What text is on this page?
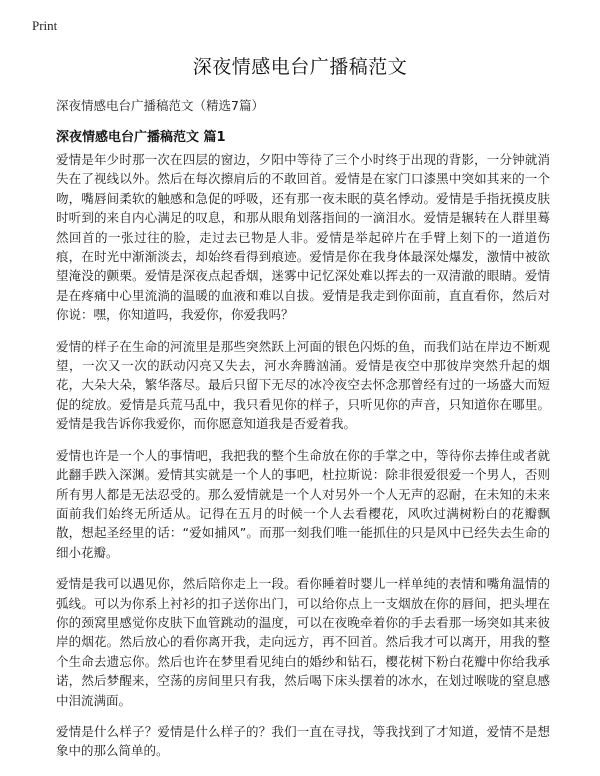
Print
深夜情感电台广播稿范文
深夜情感电台广播稿范文（精选7篇）
深夜情感电台广播稿范文 篇1

爱情是年少时那一次在四层的窗边，夕阳中等待了三个小时终于出现的背影，一分钟就消失在了视线以外。然后在每次擦肩后的不敢回首。爱情是在家门口漆黑中突如其来的一个吻，嘴唇间柔软的触感和急促的呼吸，还有那一夜未眠的莫名悸动。爱情是手指抚摸皮肤时听到的来自内心满足的叹息，和那从眼角划落指间的一滴泪水。爱情是辗转在人群里蓦然回首的一张过往的脸，走过去已物是人非。爱情是举起碎片在手臂上刻下的一道道伤痕，在时光中渐渐淡去，却始终看得到痕迹。爱情是你在我身体最深处爆发，激情中被欲望淹没的颤栗。爱情是深夜点起香烟，迷雾中记忆深处难以挥去的一双清澈的眼睛。爱情是在疼痛中心里流淌的温暖的血液和难以自拔。爱情是我走到你面前，直直看你，然后对你说：嘿，你知道吗，我爱你，你爱我吗？

爱情的样子在生命的河流里是那些突然跃上河面的银色闪烁的鱼，而我们站在岸边不断观望，一次又一次的跃动闪亮又失去，河水奔腾汹涌。爱情是夜空中那彼岸突然升起的烟花，大朵大朵，繁华落尽。最后只留下无尽的冰冷夜空去怀念那曾经有过的一场盛大而短促的绽放。爱情是兵荒马乱中，我只看见你的样子，只听见你的声音，只知道你在哪里。爱情是我告诉你我爱你，而你愿意知道我是否爱着我。

爱情也许是一个人的事情吧，我把我的整个生命放在你的手掌之中，等待你去捧住或者就此翻手跌入深渊。爱情其实就是一个人的事吧，杜拉斯说：除非很爱很爱一个男人，否则所有男人都是无法忍受的。那么爱情就是一个人对另外一个人无声的忍耐，在未知的未来面前我们始终无所适从。记得在五月的时候一个人去看樱花，风吹过满树粉白的花瓣飘散，想起圣经里的话：“爱如捕风”。而那一刻我们唯一能抓住的只是风中已经失去生命的细小花瓣。

爱情是我可以遇见你，然后陪你走上一段。看你睡着时婴儿一样单纯的表情和嘴角温情的弧线。可以为你系上衬衫的扣子送你出门，可以给你点上一支烟放在你的唇间，把头埋在你的颈窝里感觉你皮肤下血管跳动的温度，可以在夜晚牵着你的手去看那一场突如其来彼岸的烟花。然后放心的看你离开我，走向远方，再不回首。然后我才可以离开，用我的整个生命去遗忘你。然后也许在梦里看见纯白的婚纱和钻石，樱花树下粉白花瓣中你给我承诺，然后梦醒来，空荡的房间里只有我，然后喝下床头摆着的冰水，在划过喉咙的窒息感中泪流满面。

爱情是什么样子？爱情是什么样子的？我们一直在寻找，等我找到了才知道，爱情不是想象中的那么简单的。
